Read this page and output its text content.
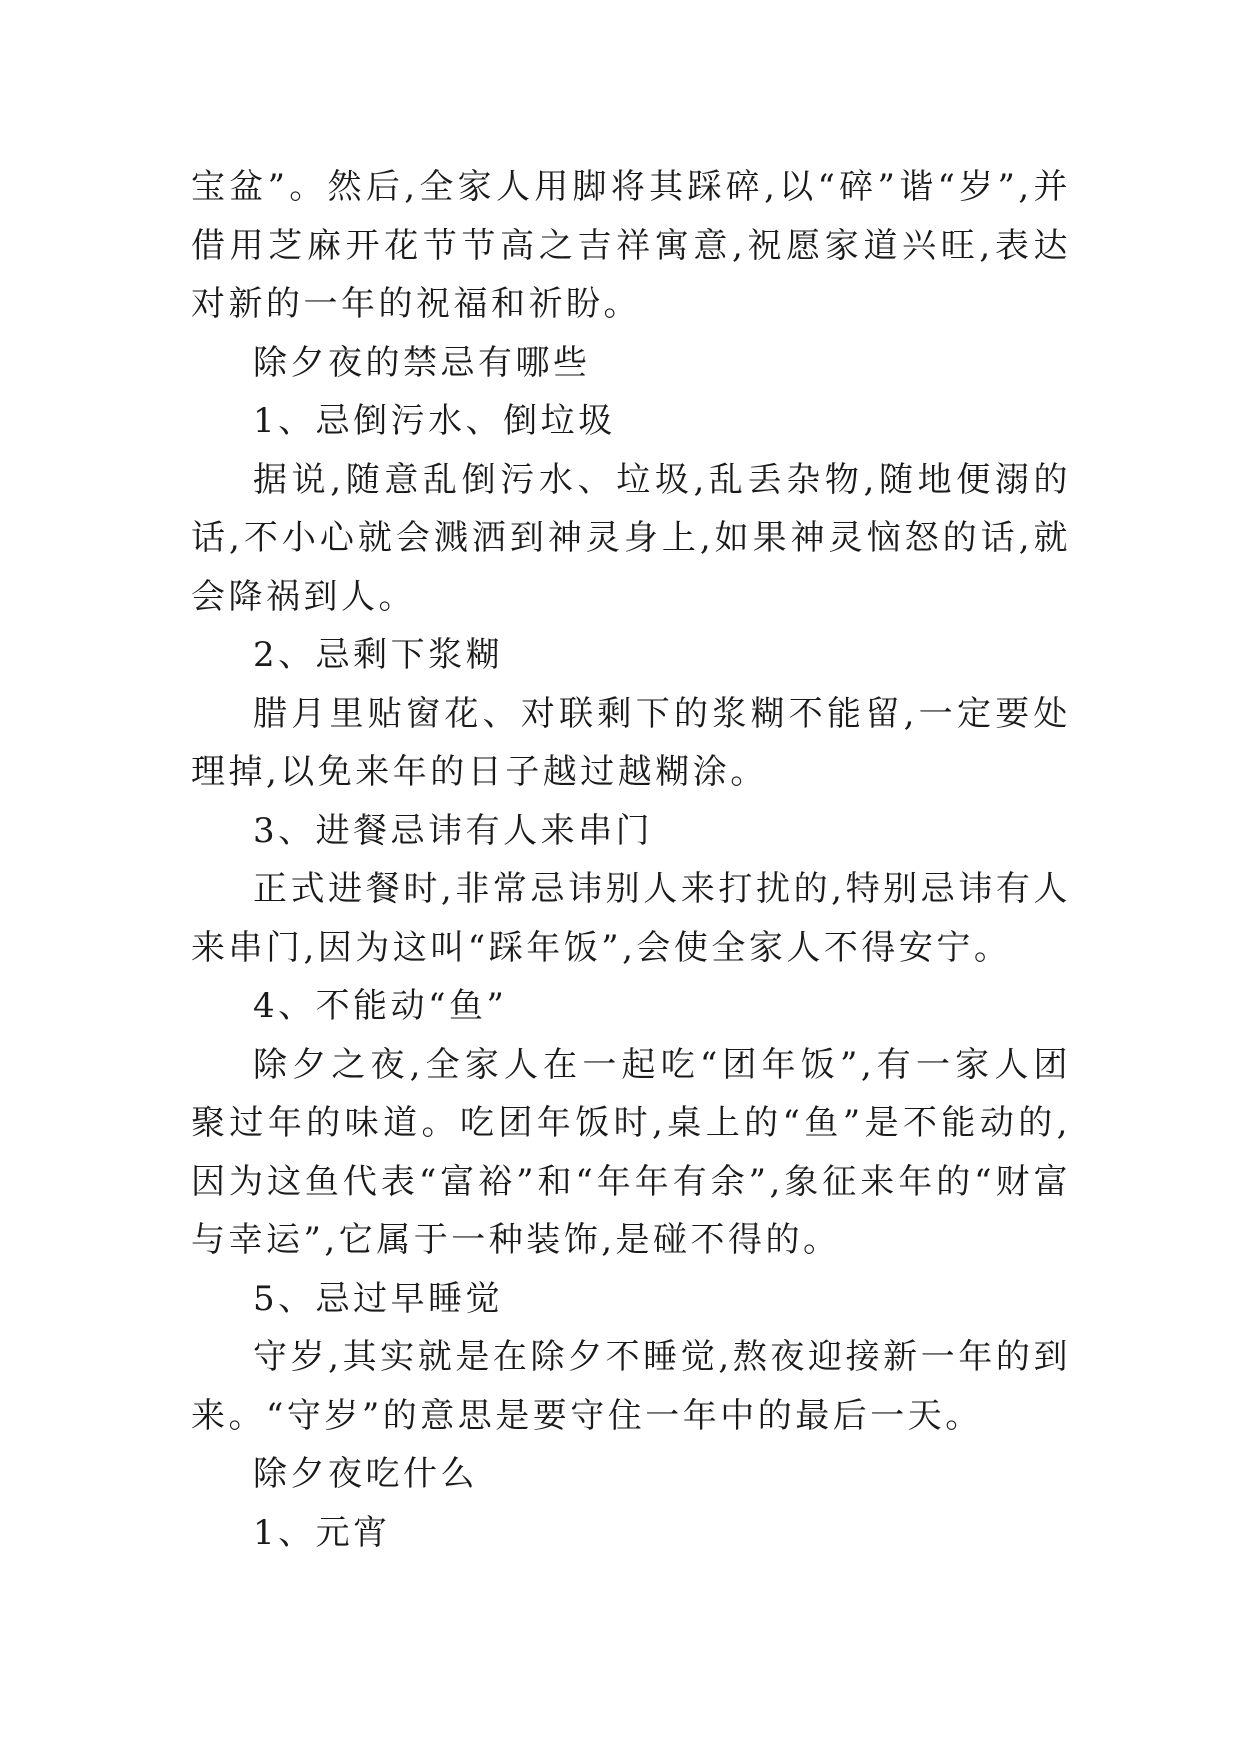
宝盆”。然后,全家人用脚将其踩碎,以“碎”谐“岁”,并借用芝麻开花节节高之吉祥寓意,祝愿家道兴旺,表达对新的一年的祝福和祈盼。

除夕夜的禁忌有哪些

1、忌倒污水、倒垃圾

据说,随意乱倒污水、垃圾,乱丢杂物,随地便溺的话,不小心就会溅洒到神灵身上,如果神灵恼怒的话,就会降祸到人。

2、忌剩下浆糊

腊月里贴窗花、对联剩下的浆糊不能留,一定要处理掉,以免来年的日子越过越糊涂。

3、进餐忌讳有人来串门

正式进餐时,非常忌讳别人来打扰的,特别忌讳有人来串门,因为这叫“踩年饭”,会使全家人不得安宁。

4、不能动“鱼”

除夕之夜,全家人在一起吃“团年饭”,有一家人团聚过年的味道。吃团年饭时,桌上的“鱼”是不能动的,因为这鱼代表“富裕”和“年年有余”,象征来年的“财富与幸运”,它属于一种装饰,是碰不得的。

5、忌过早睡觉

守岁,其实就是在除夕不睡觉,熬夜迎接新一年的到来。“守岁”的意思是要守住一年中的最后一天。

除夕夜吃什么

1、元宵
